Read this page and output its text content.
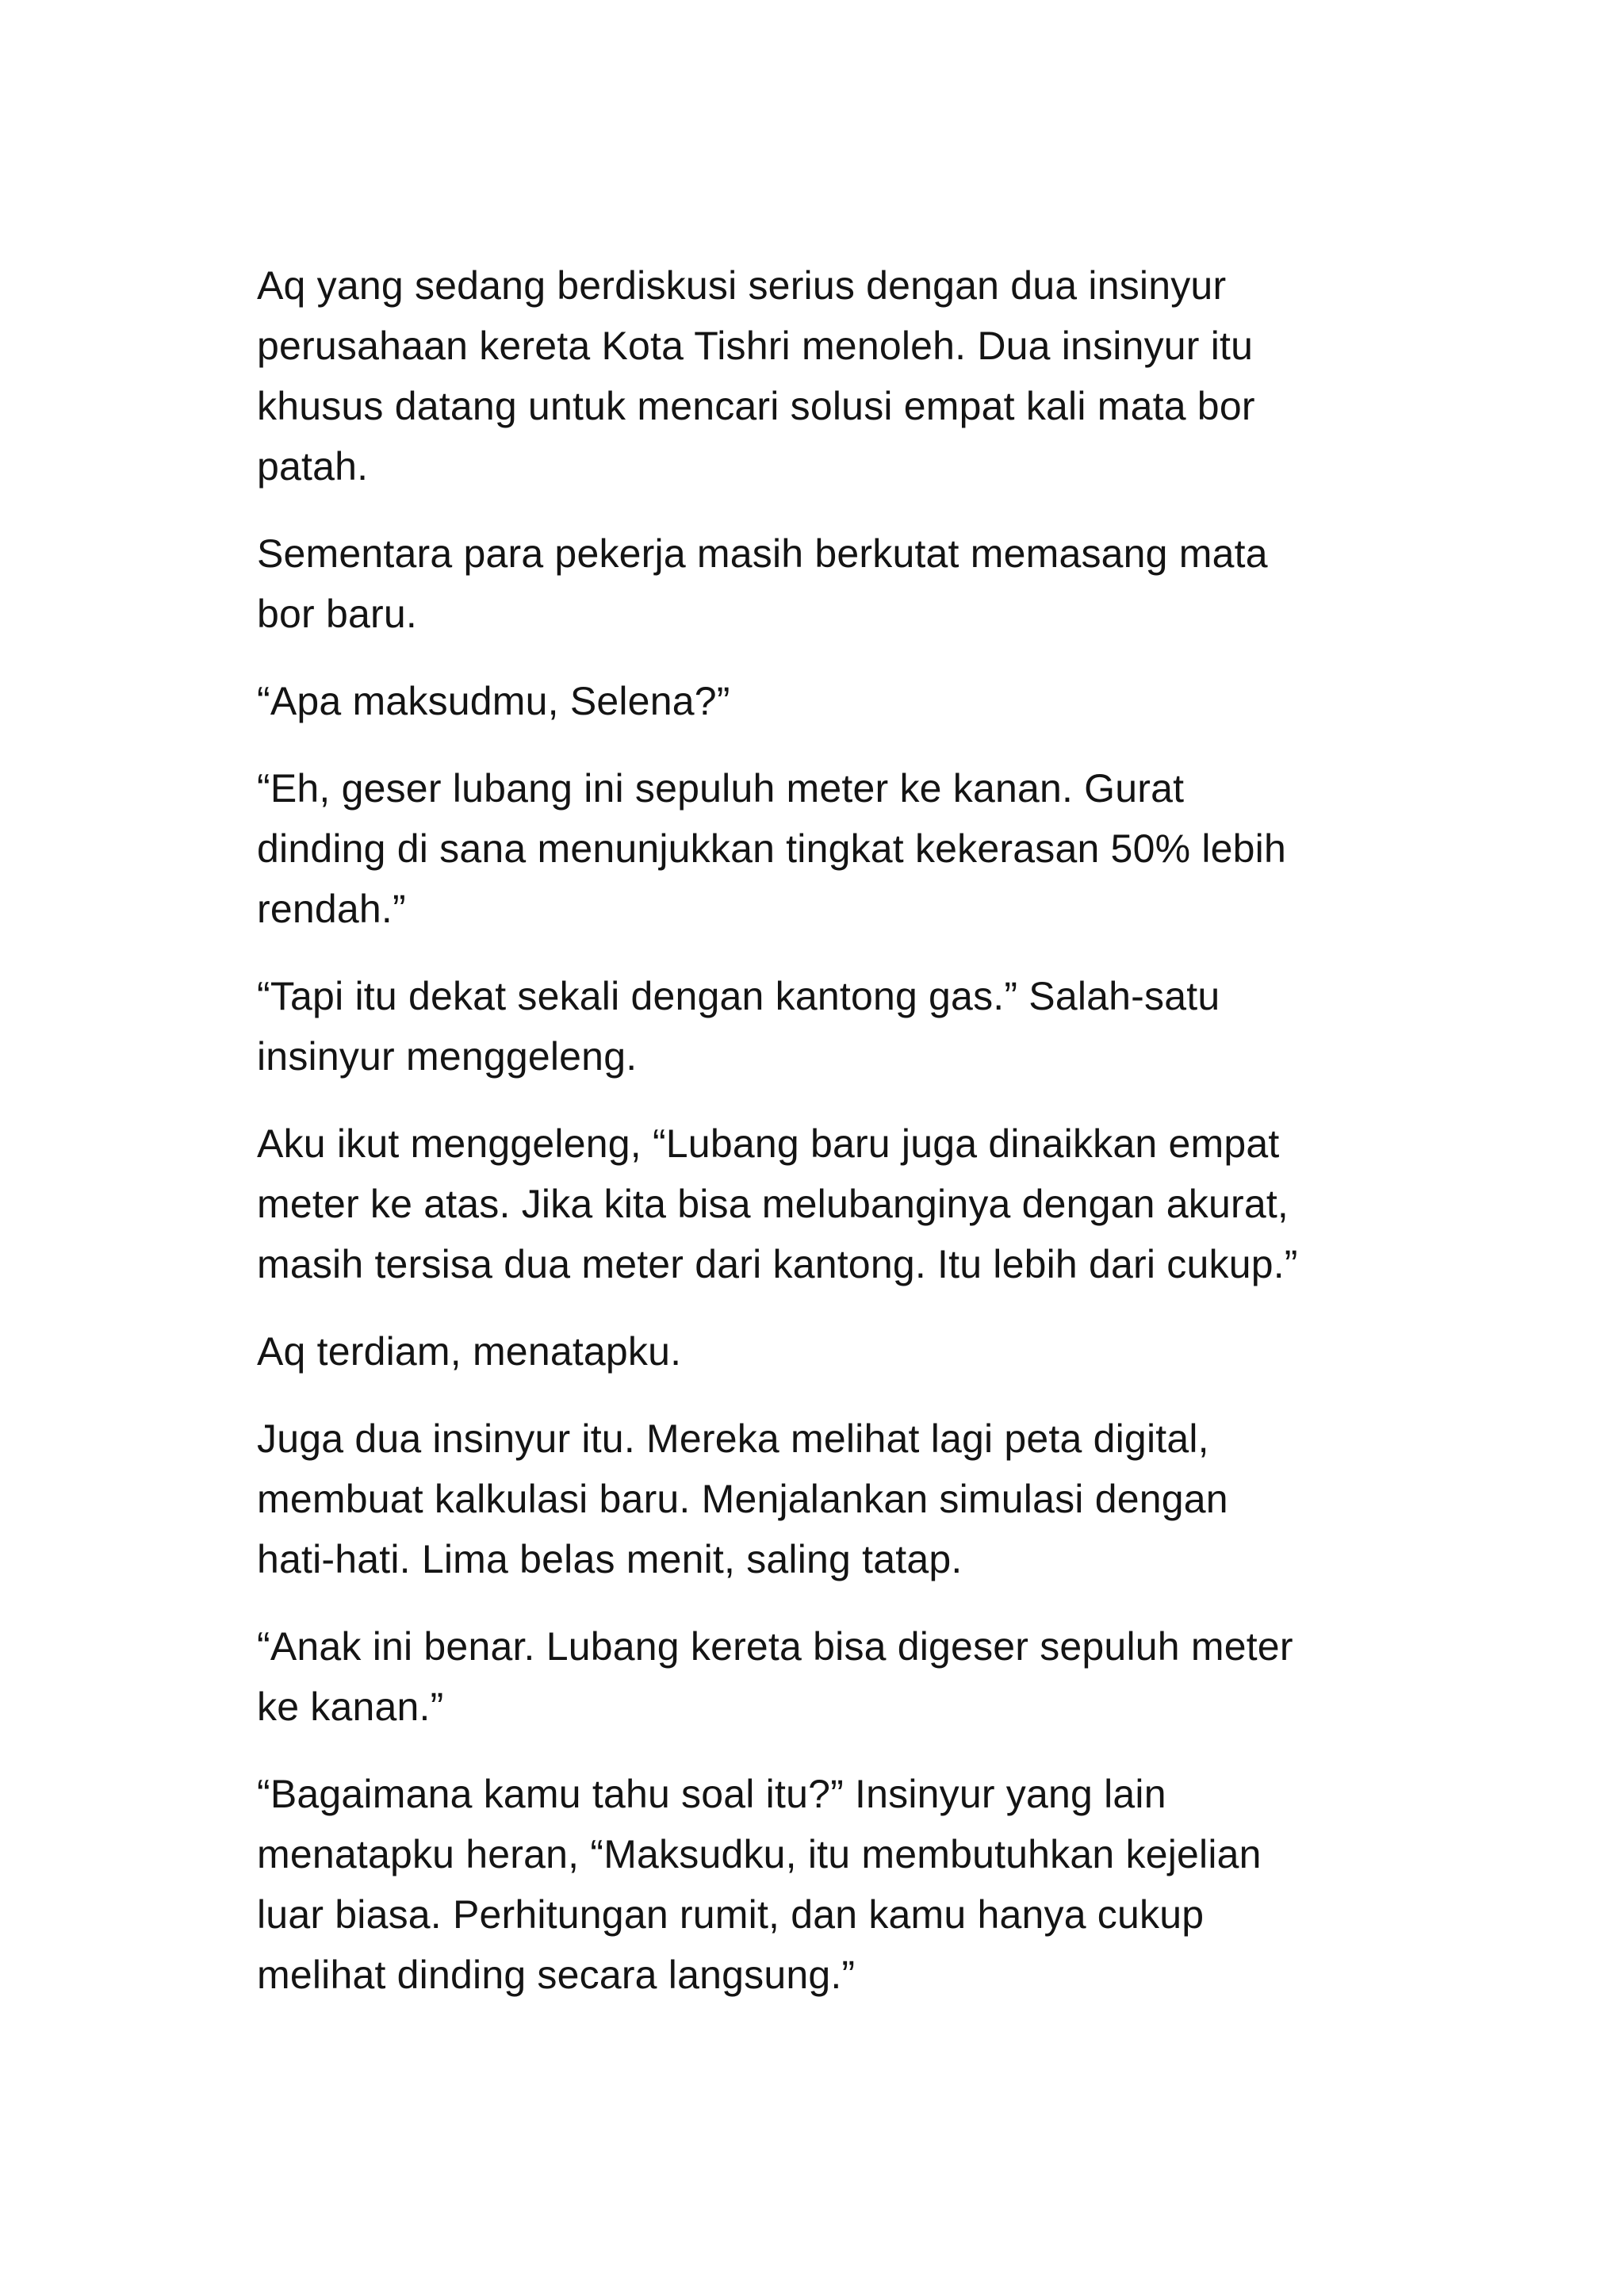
Aq yang sedang berdiskusi serius dengan dua insinyur
perusahaan kereta Kota Tishri menoleh. Dua insinyur itu
khusus datang untuk mencari solusi empat kali mata bor
patah.

Sementara para pekerja masih berkutat memasang mata
bor baru.

“Apa maksudmu, Selena?”

“Eh, geser lubang ini sepuluh meter ke kanan. Gurat
dinding di sana menunjukkan tingkat kekerasan 50% lebih
rendah.”

“Tapi itu dekat sekali dengan kantong gas.” Salah-satu
insinyur menggeleng.

Aku ikut menggeleng, “Lubang baru juga dinaikkan empat
meter ke atas. Jika kita bisa melubanginya dengan akurat,
masih tersisa dua meter dari kantong. Itu lebih dari cukup.”

Aq terdiam, menatapku.

Juga dua insinyur itu. Mereka melihat lagi peta digital,
membuat kalkulasi baru. Menjalankan simulasi dengan
hati-hati. Lima belas menit, saling tatap.

“Anak ini benar. Lubang kereta bisa digeser sepuluh meter
ke kanan.”

“Bagaimana kamu tahu soal itu?” Insinyur yang lain
menatapku heran, “Maksudku, itu membutuhkan kejelian
luar biasa. Perhitungan rumit, dan kamu hanya cukup
melihat dinding secara langsung.”
